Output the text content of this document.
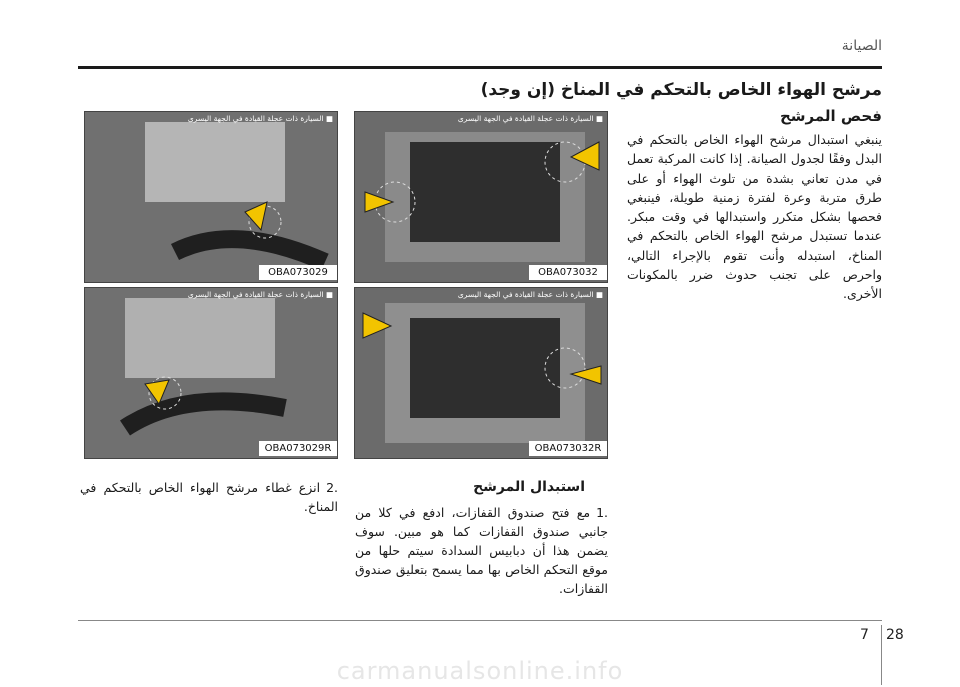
الصيانة
مرشح الهواء الخاص بالتحكم في المناخ (إن وجد)
فحص المرشح

ينبغي استبدال مرشح الهواء الخاص بالتحكم في البدل وفقًا لجدول الصيانة. إذا كانت المركبة تعمل في مدن تعاني بشدة من تلوث الهواء أو على طرق متربة وعرة لفترة زمنية طويلة، فينبغي فحصها بشكل متكرر واستبدالها في وقت مبكر. عندما تستبدل مرشح الهواء الخاص بالتحكم في المناخ، استبدله وأنت تقوم بالإجراء التالي، واحرص على تجنب حدوث ضرر بالمكونات الأخرى.

■ السيارة ذات عجلة القيادة في الجهة اليسرى
OBA073032
■ السيارة ذات عجلة القيادة في الجهة اليسرى
OBA073029
■ السيارة ذات عجلة القيادة في الجهة اليسرى
OBA073032R
■ السيارة ذات عجلة القيادة في الجهة اليسرى
OBA073029R
استبدال المرشح

.1مع فتح صندوق القفازات، ادفع في كلا من جانبي صندوق القفازات كما هو مبين. سوف يضمن هذا أن دبابيس السدادة سيتم حلها من موقع التحكم الخاص بها مما يسمح بتعليق صندوق القفازات.

.2انزع غطاء مرشح الهواء الخاص بالتحكم في المناخ.

7 28
carmanualsonline.info
